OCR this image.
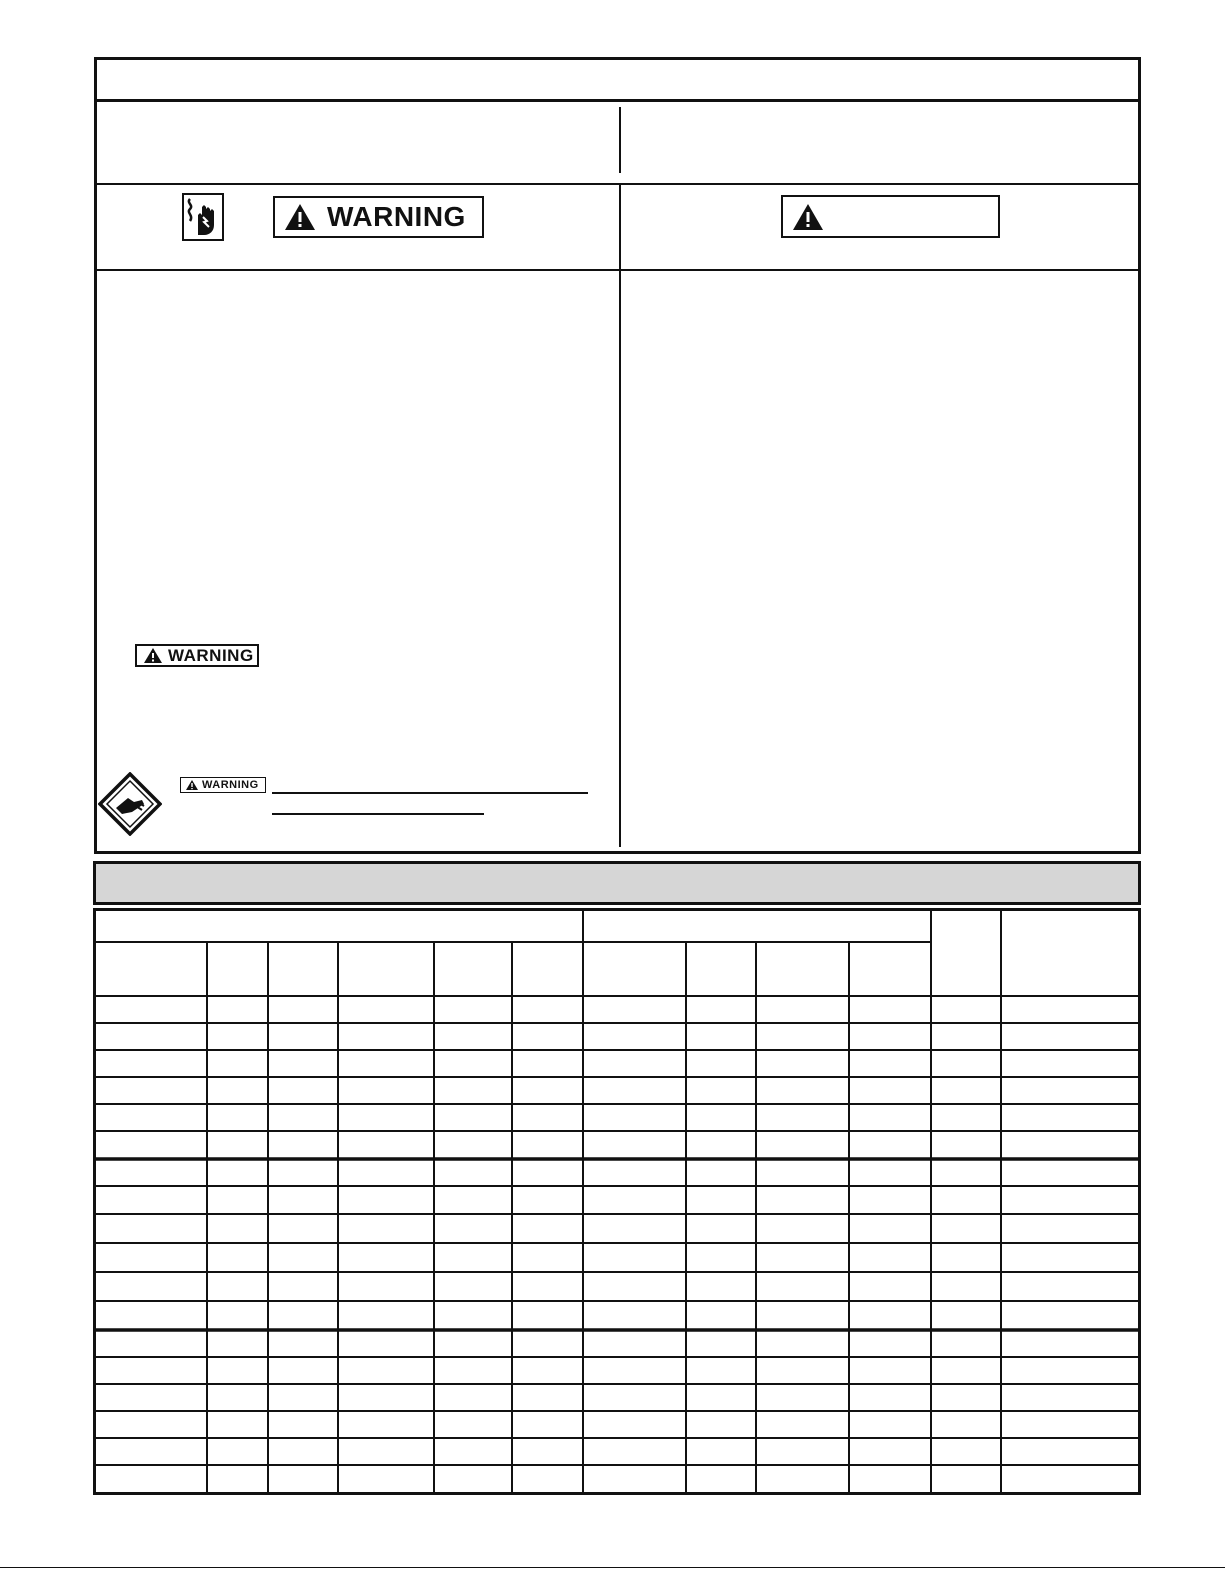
WARNING
WARNING
WARNING
